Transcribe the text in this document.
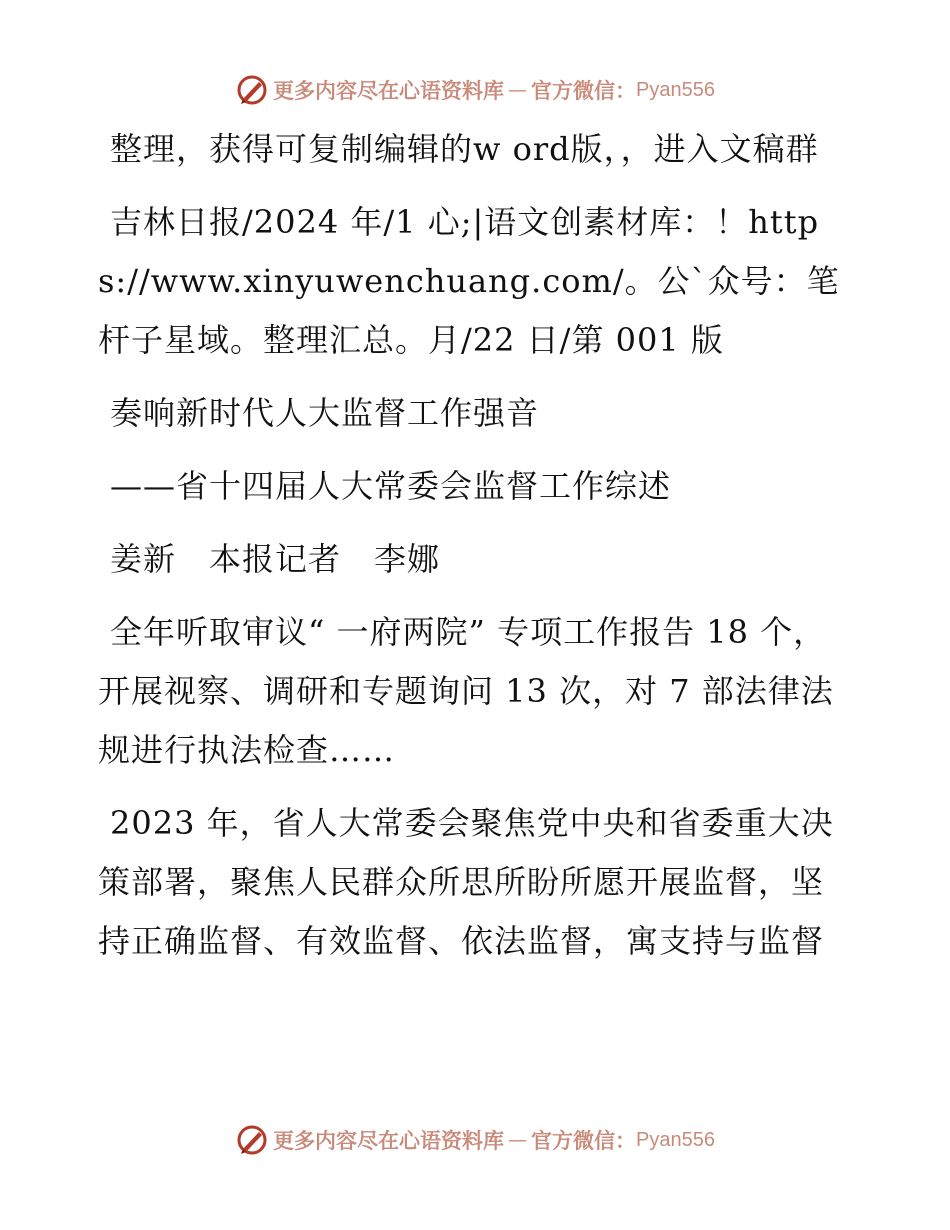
更多内容尽在心语资料库 — 官方微信： Pyan556

整理，获得可复制编辑的w ord版，，进入文稿群

吉林日报/2024 年/1 心;|语文创素材库：！https://www.xinyuwenchuang.com/。公`众号：笔杆子星域。整理汇总。月/22 日/第 001 版

奏响新时代人大监督工作强音

——省十四届人大常委会监督工作综述

姜新　本报记者　李娜

全年听取审议“ 一府两院” 专项工作报告 18 个，开展视察、调研和专题询问 13 次，对 7 部法律法规进行执法检查……

2023 年，省人大常委会聚焦党中央和省委重大决策部署，聚焦人民群众所思所盼所愿开展监督，坚持正确监督、有效监督、依法监督，寓支持与监督

更多内容尽在心语资料库 — 官方微信： Pyan556
